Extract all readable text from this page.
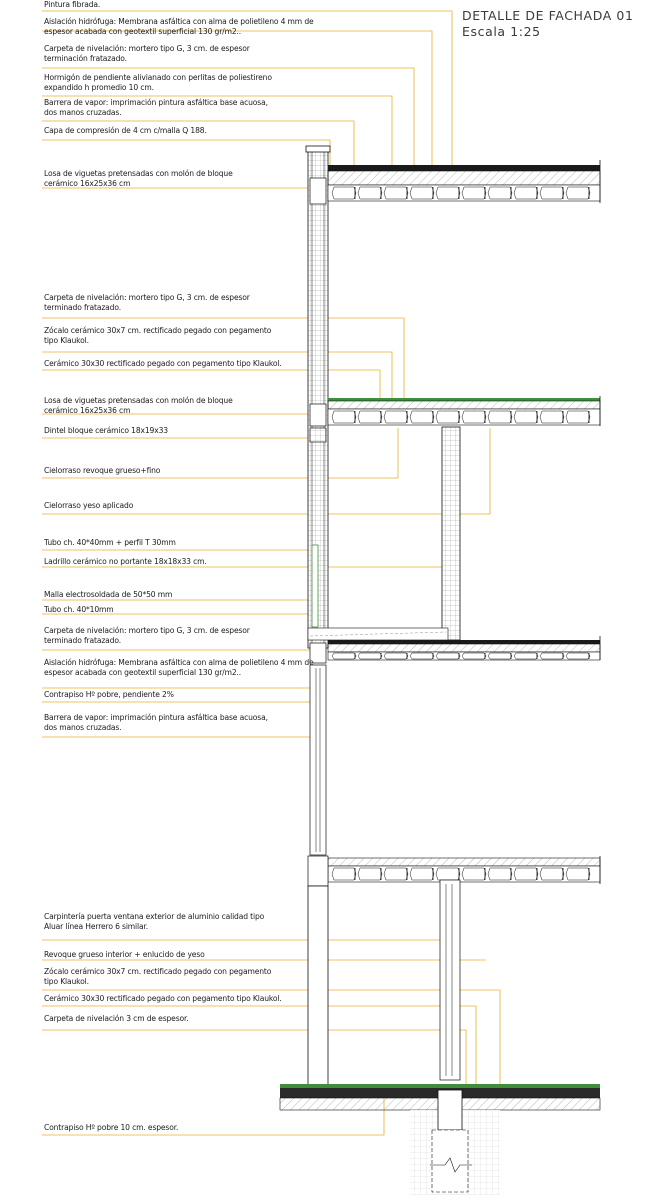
DETALLE DE FACHADA 01
Escala 1:25
Pintura fibrada.
Aislación hidrófuga: Membrana asfáltica con alma de polietileno 4 mm de espesor acabada con geotextil superficial 130 gr/m2..
Carpeta de nivelación: mortero tipo G, 3 cm. de espesor terminación fratazado.
Hormigón de pendiente alivianado con perlitas de poliestireno expandido h promedio 10 cm.
Barrera de vapor: imprimación pintura asfáltica base acuosa, dos manos cruzadas.
Capa de compresión de 4 cm c/malla Q 188.
Losa de viguetas pretensadas con molón de bloque cerámico 16x25x36 cm
Carpeta de nivelación: mortero tipo G, 3 cm. de espesor terminado fratazado.
Zócalo cerámico 30x7 cm. rectificado pegado con pegamento tipo Klaukol.
Cerámico 30x30 rectificado pegado con pegamento tipo Klaukol.
Losa de viguetas pretensadas con molón de bloque cerámico 16x25x36 cm
Dintel bloque cerámico 18x19x33
Cielorraso revoque grueso+fino
Cielorraso yeso aplicado
Tubo ch. 40*40mm + perfil T 30mm
Ladrillo cerámico no portante 18x18x33 cm.
Malla electrosoldada de 50*50 mm
Tubo ch. 40*10mm
Carpeta de nivelación: mortero tipo G, 3 cm. de espesor terminado fratazado.
Aislación hidrófuga: Membrana asfáltica con alma de polietileno 4 mm de espesor acabada con geotextil superficial 130 gr/m2..
Contrapiso Hº pobre, pendiente 2%
Barrera de vapor: imprimación pintura asfáltica base acuosa, dos manos cruzadas.
Carpintería puerta ventana exterior de aluminio calidad tipo Aluar línea Herrero 6 similar.
Revoque grueso interior + enlucido de yeso
Zócalo cerámico 30x7 cm. rectificado pegado con pegamento tipo Klaukol.
Cerámico 30x30 rectificado pegado con pegamento tipo Klaukol.
Carpeta de nivelación 3 cm de espesor.
Contrapiso Hº pobre 10 cm. espesor.
